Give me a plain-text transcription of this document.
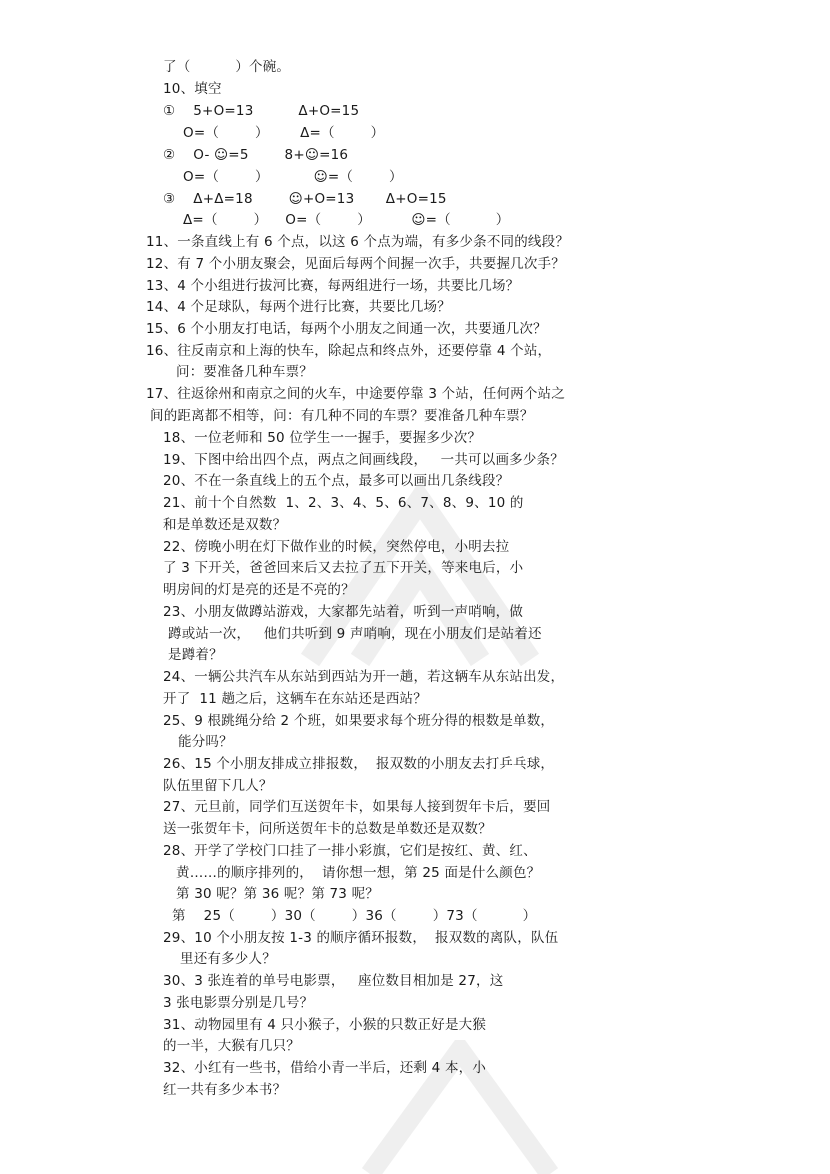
了（          ）个碗。
10、填空
①    5+O=13          Δ+O=15
O=（        ）       Δ=（        ）
②    O- ☺=5        8+☺=16
O=（        ）          ☺=（        ）
③    Δ+Δ=18        ☺+O=13       Δ+O=15
Δ=（        ）    O=（        ）         ☺=（          ）
11、一条直线上有 6 个点，以这 6 个点为端，有多少条不同的线段？
12、有 7 个小朋友聚会，见面后每两个间握一次手，共要握几次手？
13、4 个小组进行拔河比赛，每两组进行一场，共要比几场？
14、4 个足球队，每两个进行比赛，共要比几场？
15、6 个小朋友打电话，每两个小朋友之间通一次，共要通几次？
16、往反南京和上海的快车，除起点和终点外，还要停靠 4 个站，
问：要准备几种车票？
17、往返徐州和南京之间的火车，中途要停靠 3 个站，任何两个站之
间的距离都不相等，问：有几种不同的车票？要准备几种车票？
18、一位老师和 50 位学生一一握手，要握多少次？
19、下图中给出四个点，两点之间画线段，   一共可以画多少条？
20、不在一条直线上的五个点，最多可以画出几条线段？
21、前十个自然数  1、2、3、4、5、6、7、8、9、10 的
和是单数还是双数？
22、傍晚小明在灯下做作业的时候，突然停电，小明去拉
了 3 下开关，爸爸回来后又去拉了五下开关，等来电后，小
明房间的灯是亮的还是不亮的？
23、小朋友做蹲站游戏，大家都先站着，听到一声哨响，做
蹲或站一次，   他们共听到 9 声哨响，现在小朋友们是站着还
是蹲着？
24、一辆公共汽车从东站到西站为开一趟，若这辆车从东站出发，
开了  11 趟之后，这辆车在东站还是西站？
25、9 根跳绳分给 2 个班，如果要求每个班分得的根数是单数，
能分吗？
26、15 个小朋友排成立排报数，  报双数的小朋友去打乒乓球，
队伍里留下几人？
27、元旦前，同学们互送贺年卡，如果每人接到贺年卡后，要回
送一张贺年卡，问所送贺年卡的总数是单数还是双数？
28、开学了学校门口挂了一排小彩旗，它们是按红、黄、红、
黄……的顺序排列的，  请你想一想，第 25 面是什么颜色？
第 30 呢？第 36 呢？第 73 呢？
第    25（        ）30（        ）36（        ）73（          ）
29、10 个小朋友按 1-3 的顺序循环报数，  报双数的离队，队伍
里还有多少人？
30、3 张连着的单号电影票，   座位数目相加是 27，这
3 张电影票分别是几号？
31、动物园里有 4 只小猴子，小猴的只数正好是大猴
的一半，大猴有几只？
32、小红有一些书，借给小青一半后，还剩 4 本，小
红一共有多少本书？
